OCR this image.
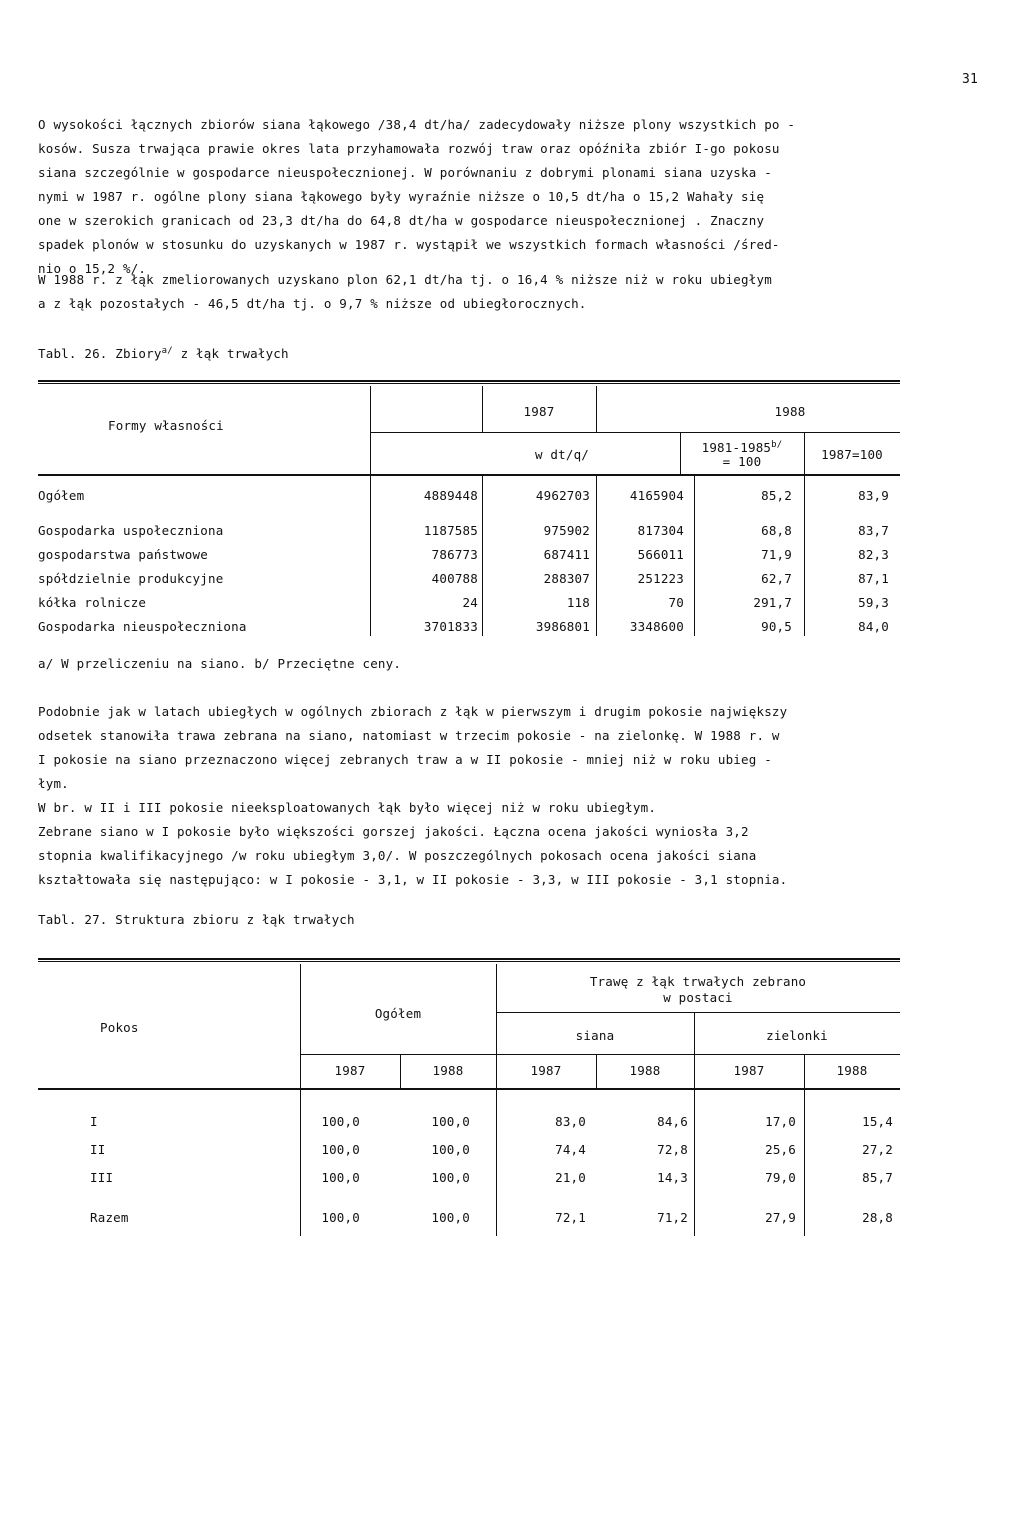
31
O wysokości łącznych zbiorów siana łąkowego /38,4 dt/ha/ zadecydowały niższe plony wszystkich po -
kosów. Susza trwająca prawie okres lata przyhamowała rozwój traw oraz opóźniła zbiór I-go pokosu
siana szczególnie w gospodarce nieuspołecznionej. W porównaniu z dobrymi plonami siana uzyska -
nymi w 1987 r. ogólne plony siana łąkowego były wyraźnie niższe o 10,5 dt/ha o 15,2 Wahały się
one w szerokich granicach od 23,3 dt/ha do 64,8 dt/ha w gospodarce nieuspołecznionej . Znaczny
spadek plonów w stosunku do uzyskanych w 1987 r. wystąpił we wszystkich formach własności /śred-
nio o 15,2 %/.
W 1988 r. z łąk zmeliorowanych uzyskano plon 62,1 dt/ha tj. o 16,4 % niższe niż w roku ubiegłym
a z łąk pozostałych - 46,5 dt/ha tj. o 9,7 % niższe od ubiegłorocznych.
Tabl. 26. Zbiory$^{a/}$ z łąk trwałych
Formy własności
1987	1988
w dt/q/	$1981-1985^{b/}$
= 100	1987=100
Ogółem	4889448	4962703	4165904	85,2	83,9
Gospodarka uspołeczniona	1187585	975902	817304	68,8	83,7
gospodarstwa państwowe	786773	687411	566011	71,9	82,3
spółdzielnie produkcyjne	400788	288307	251223	62,7	87,1
kółka rolnicze	24	118	70	291,7	59,3
Gospodarka nieuspołeczniona	3701833	3986801	3348600	90,5	84,0
a/ W przeliczeniu na siano. b/ Przeciętne ceny.
Podobnie jak w latach ubiegłych w ogólnych zbiorach z łąk w pierwszym i drugim pokosie największy
odsetek stanowiła trawa zebrana na siano, natomiast w trzecim pokosie - na zielonkę. W 1988 r. w
I pokosie na siano przeznaczono więcej zebranych traw a w II pokosie - mniej niż w roku ubieg -
łym.
W br. w II i III pokosie nieeksploatowanych łąk było więcej niż w roku ubiegłym.
Zebrane siano w I pokosie było większości gorszej jakości. Łączna ocena jakości wyniosła 3,2
stopnia kwalifikacyjnego /w roku ubiegłym 3,0/. W poszczególnych pokosach ocena jakości siana
kształtowała się następująco: w I pokosie - 3,1, w II pokosie - 3,3, w III pokosie - 3,1 stopnia.
Tabl. 27. Struktura zbioru z łąk trwałych
Pokos
Ogółem
Trawę z łąk trwałych zebrano
w postaci
siana	zielonki
1987	1988	1987	1988	1987	1988
I	100,0	100,0	83,0	84,6	17,0	15,4
II	100,0	100,0	74,4	72,8	25,6	27,2
III	100,0	100,0	21,0	14,3	79,0	85,7
Razem	100,0	100,0	72,1	71,2	27,9	28,8
